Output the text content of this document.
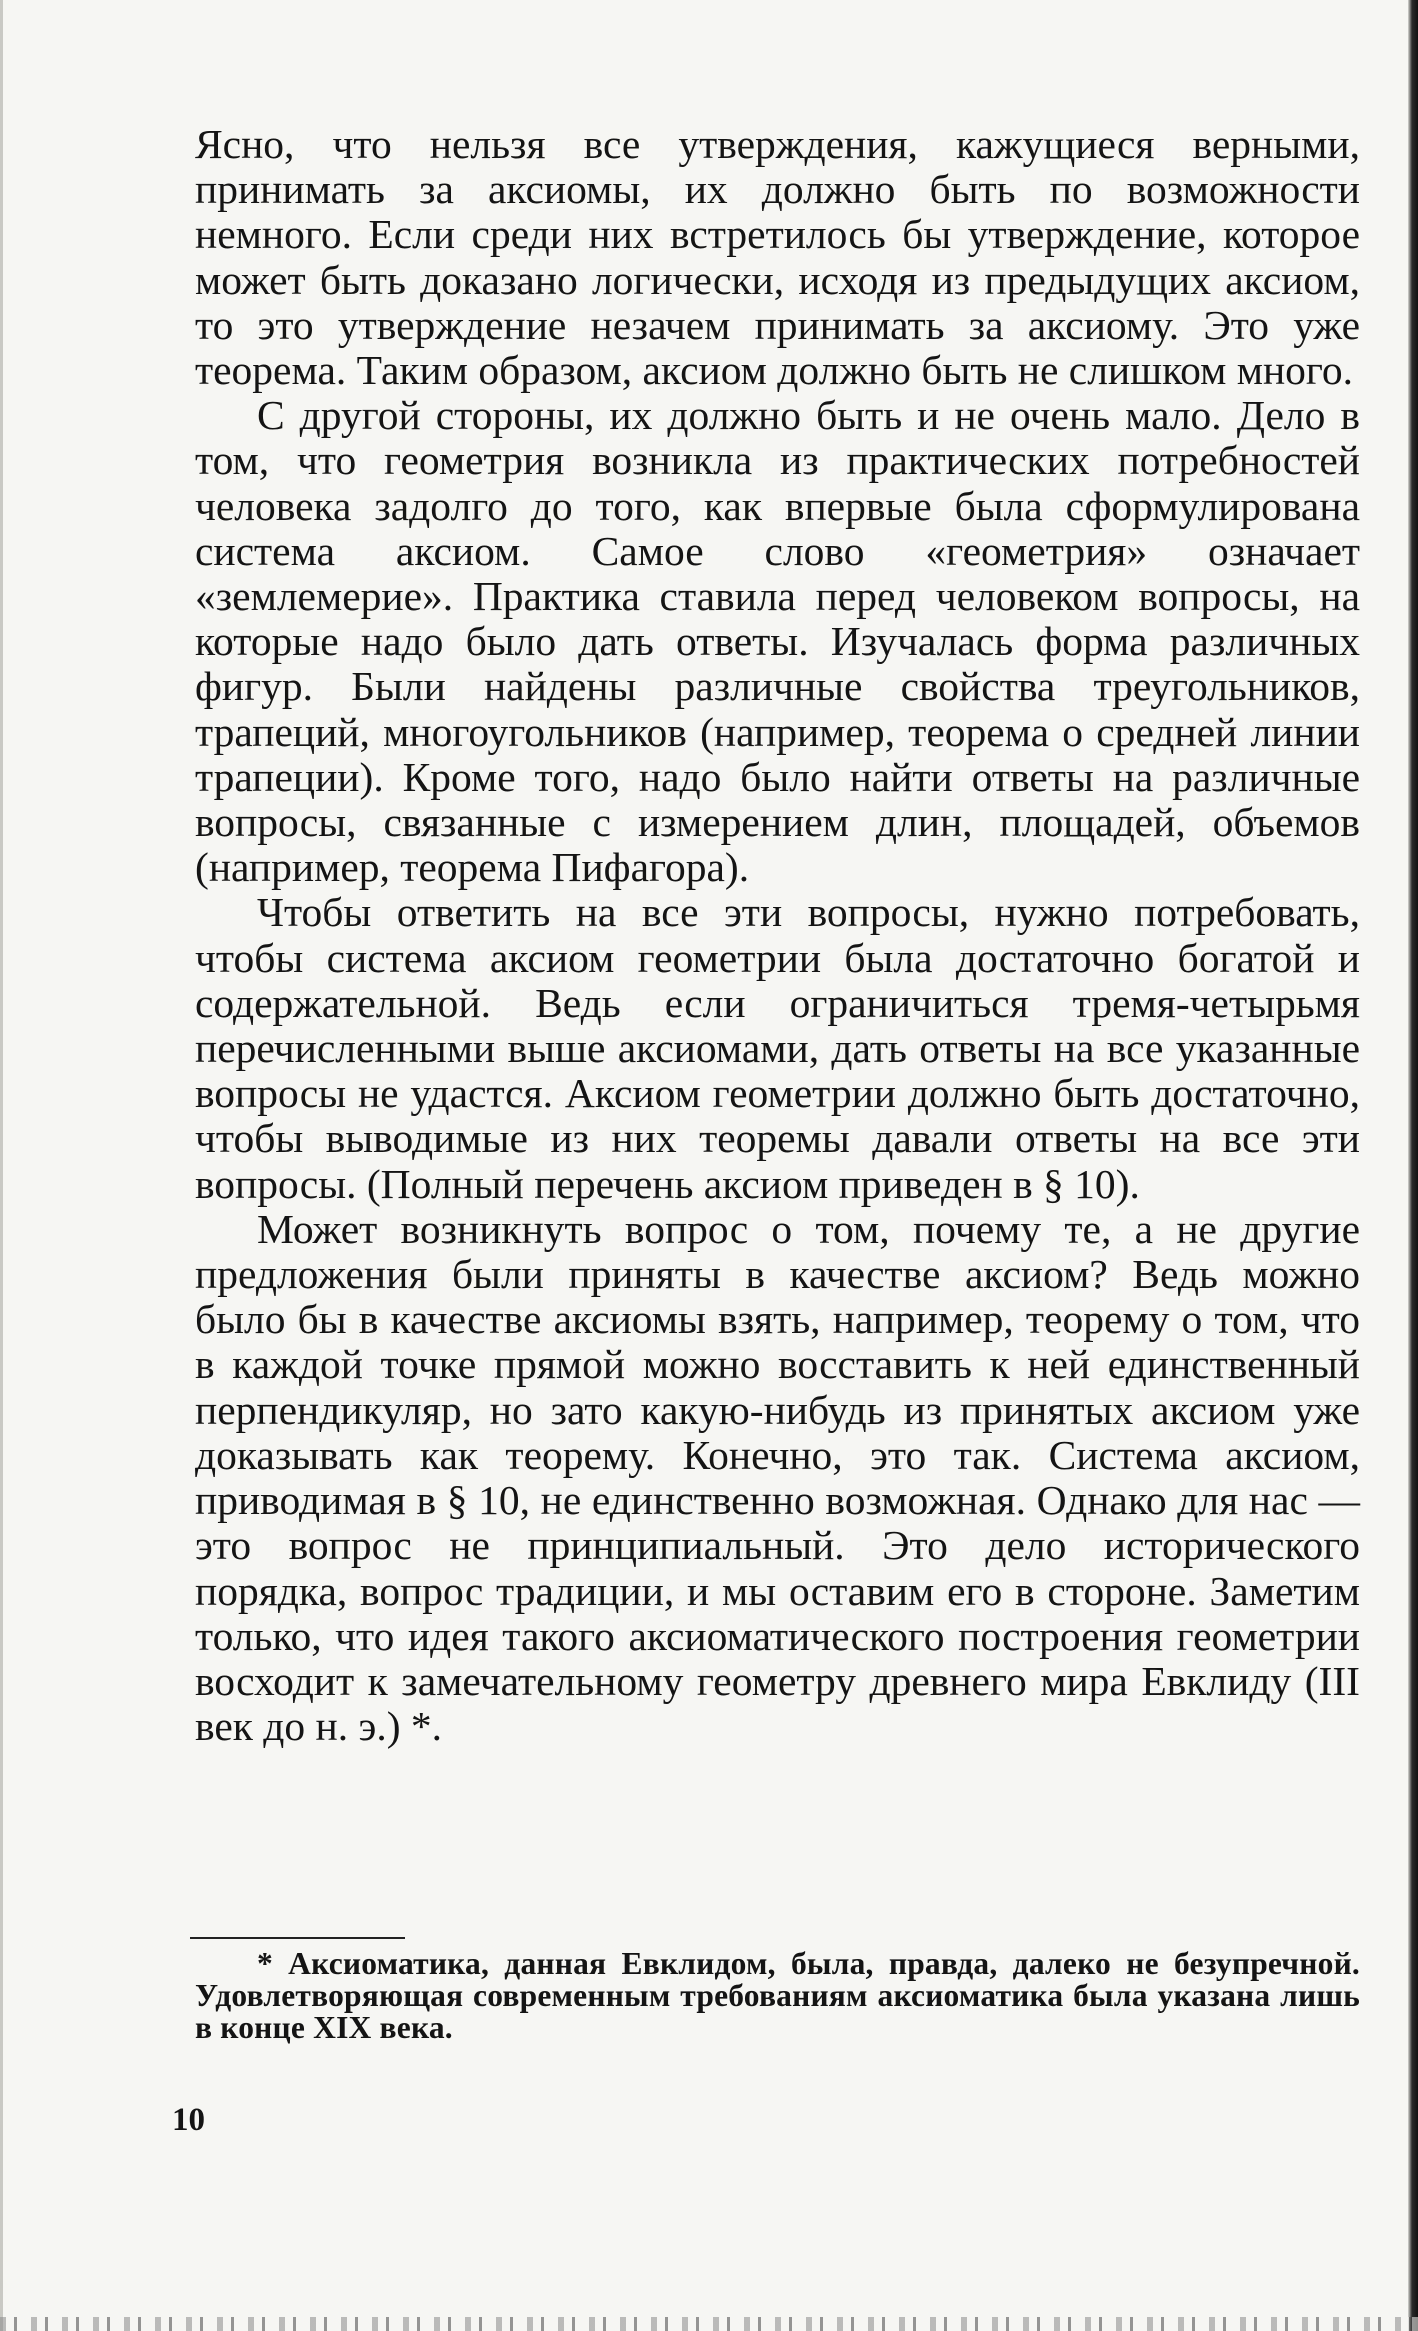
Ясно, что нельзя все утверждения, кажущиеся верными, принимать за аксиомы, их должно быть по возможности немного. Если среди них встретилось бы утверждение, которое может быть доказано логически, исходя из предыдущих аксиом, то это утверждение незачем принимать за аксиому. Это уже теорема. Таким образом, аксиом должно быть не слишком много.

С другой стороны, их должно быть и не очень мало. Дело в том, что геометрия возникла из практических потребностей человека задолго до того, как впервые была сформулирована система аксиом. Самое слово «геометрия» означает «землемерие». Практика ставила перед человеком вопросы, на которые надо было дать ответы. Изучалась форма различных фигур. Были найдены различные свойства треугольников, трапеций, многоугольников (например, теорема о средней линии трапеции). Кроме того, надо было найти ответы на различные вопросы, связанные с измерением длин, площадей, объемов (например, теорема Пифагора).

Чтобы ответить на все эти вопросы, нужно потребовать, чтобы система аксиом геометрии была достаточно богатой и содержательной. Ведь если ограничиться тремя-четырьмя перечисленными выше аксиомами, дать ответы на все указанные вопросы не удастся. Аксиом геометрии должно быть достаточно, чтобы выводимые из них теоремы давали ответы на все эти вопросы. (Полный перечень аксиом приведен в § 10).

Может возникнуть вопрос о том, почему те, а не другие предложения были приняты в качестве аксиом? Ведь можно было бы в качестве аксиомы взять, например, теорему о том, что в каждой точке прямой можно восставить к ней единственный перпендикуляр, но зато какую-нибудь из принятых аксиом уже доказывать как теорему. Конечно, это так. Система аксиом, приводимая в § 10, не единственно возможная. Однако для нас — это вопрос не принципиальный. Это дело исторического порядка, вопрос традиции, и мы оставим его в стороне. Заметим только, что идея такого аксиоматического построения геометрии восходит к замечательному геометру древнего мира Евклиду (III век до н. э.) *.

* Аксиоматика, данная Евклидом, была, правда, далеко не безупречной. Удовлетворяющая современным требованиям аксиоматика была указана лишь в конце XIX века.

10
